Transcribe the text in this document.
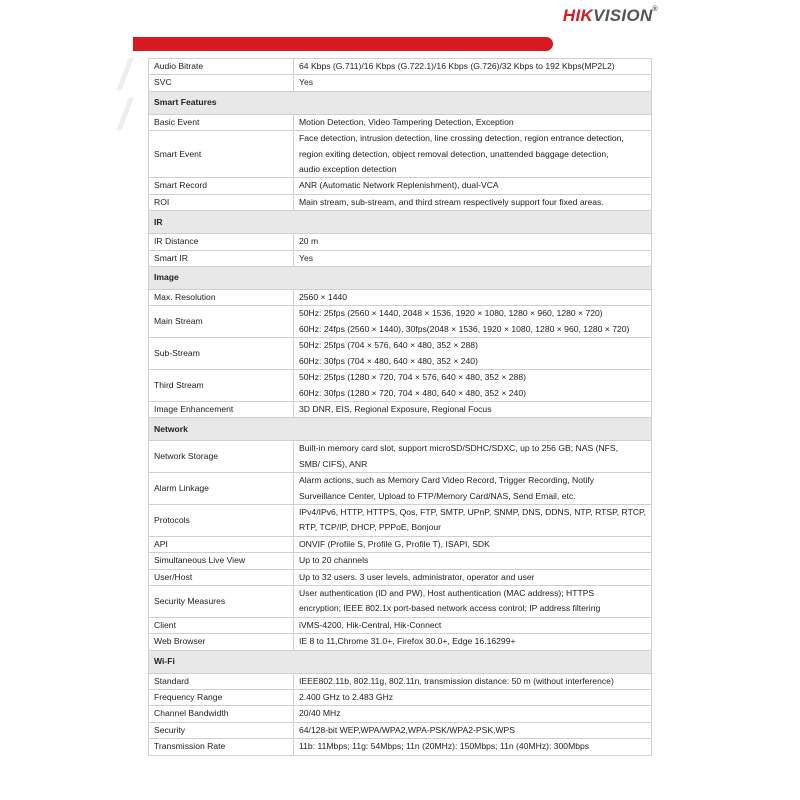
HIKVISION®
/
/
Audio Bitrate	64 Kbps (G.711)/16 Kbps (G.722.1)/16 Kbps (G.726)/32 Kbps to 192 Kbps(MP2L2)

SVC	Yes

Smart Features	
Basic Event	Motion Detection, Video Tampering Detection, Exception

Smart Event	Face detection, intrusion detection, line crossing detection, region entrance detection,
region exiting detection, object removal detection, unattended baggage detection,
audio exception detection

Smart Record	ANR (Automatic Network Replenishment), dual-VCA

ROI	Main stream, sub-stream, and third stream respectively support four fixed areas.

IR	
IR Distance	20 m

Smart IR	Yes

Image	
Max. Resolution	2560 × 1440

Main Stream	50Hz: 25fps (2560 × 1440, 2048 × 1536, 1920 × 1080, 1280 × 960, 1280 × 720)
60Hz: 24fps (2560 × 1440), 30fps(2048 × 1536, 1920 × 1080, 1280 × 960, 1280 × 720)

Sub-Stream	50Hz: 25fps (704 × 576, 640 × 480, 352 × 288)
60Hz: 30fps (704 × 480, 640 × 480, 352 × 240)

Third Stream	50Hz: 25fps (1280 × 720, 704 × 576, 640 × 480, 352 × 288)
60Hz: 30fps (1280 × 720, 704 × 480, 640 × 480, 352 × 240)

Image Enhancement	3D DNR, EIS, Regional Exposure, Regional Focus

Network	
Network Storage	Built-in memory card slot, support microSD/SDHC/SDXC, up to 256 GB; NAS (NFS,
SMB/ CIFS), ANR

Alarm Linkage	Alarm actions, such as Memory Card Video Record, Trigger Recording, Notify
Surveillance Center, Upload to FTP/Memory Card/NAS, Send Email, etc.

Protocols	IPv4/IPv6, HTTP, HTTPS, Qos, FTP, SMTP, UPnP, SNMP, DNS, DDNS, NTP, RTSP, RTCP,
RTP, TCP/IP, DHCP, PPPoE, Bonjour

API	ONVIF (Profile S, Profile G, Profile T), ISAPI, SDK

Simultaneous Live View	Up to 20 channels

User/Host	Up to 32 users. 3 user levels, administrator, operator and user

Security Measures	User authentication (ID and PW), Host authentication (MAC address); HTTPS
encryption; IEEE 802.1x port-based network access control; IP address filtering

Client	iVMS-4200, Hik-Central, Hik-Connect

Web Browser	IE 8 to 11,Chrome 31.0+, Firefox 30.0+, Edge 16.16299+

Wi-Fi	
Standard	IEEE802.11b, 802.11g, 802.11n, transmission distance: 50 m (without interference)

Frequency Range	2.400 GHz to 2.483 GHz

Channel Bandwidth	20/40 MHz

Security	64/128-bit WEP,WPA/WPA2,WPA-PSK/WPA2-PSK,WPS

Transmission Rate	11b: 11Mbps; 11g: 54Mbps; 11n (20MHz): 150Mbps; 11n (40MHz): 300Mbps
